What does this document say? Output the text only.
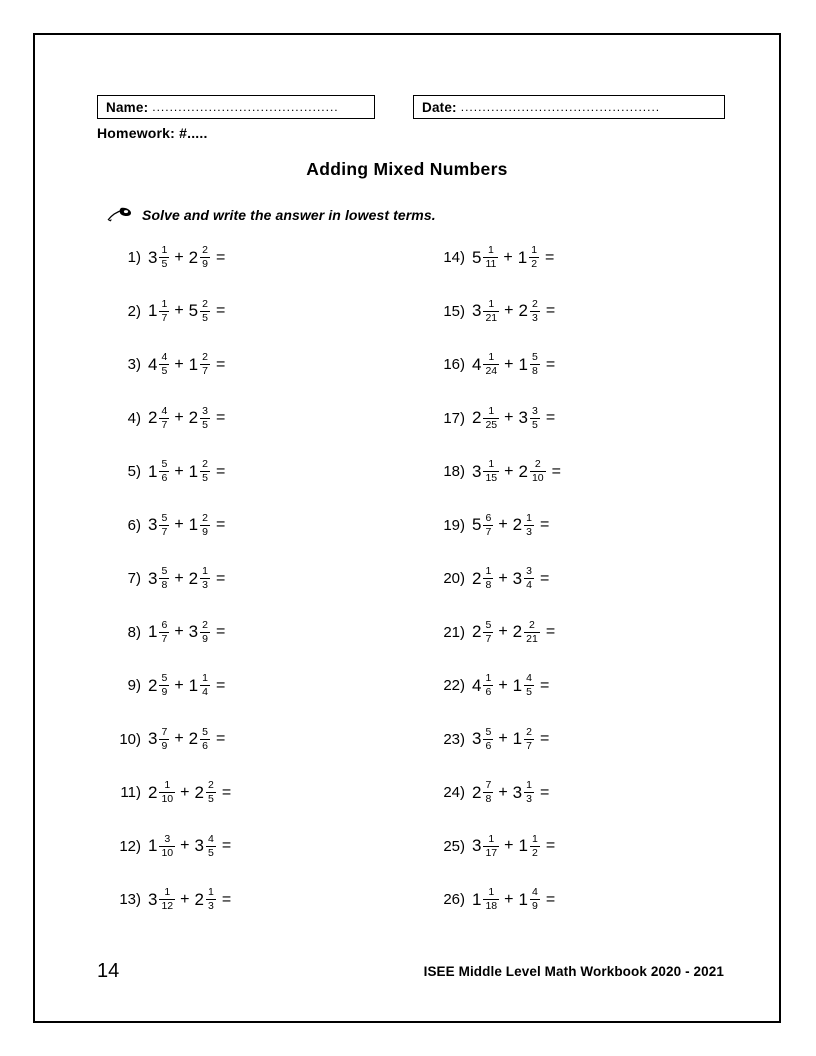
Name: ...........................................	Date: ..............................................
Homework: #.....
Adding Mixed Numbers
Solve and write the answer in lowest terms.
1) $3 \frac{1}{5} + 2 \frac{2}{9}$ =
2) $1 \frac{1}{7} + 5 \frac{2}{5}$ =
3) $4 \frac{4}{5} + 1 \frac{2}{7}$ =
4) $2 \frac{4}{7} + 2 \frac{3}{5}$ =
5) $1 \frac{5}{6} + 1 \frac{2}{5}$ =
6) $3 \frac{5}{7} + 1 \frac{2}{9}$ =
7) $3 \frac{5}{8} + 2 \frac{1}{3}$ =
8) $1 \frac{6}{7} + 3 \frac{2}{9}$ =
9) $2 \frac{5}{9} + 1 \frac{1}{4}$ =
10) $3 \frac{7}{9} + 2 \frac{5}{6}$ =
11) $2 \frac{1}{10} + 2 \frac{2}{5}$ =
12) $1 \frac{3}{10} + 3 \frac{4}{5}$ =
13) $3 \frac{1}{12} + 2 \frac{1}{3}$ =
14) $5 \frac{1}{11} + 1 \frac{1}{2}$ =
15) $3 \frac{1}{21} + 2 \frac{2}{3}$ =
16) $4 \frac{1}{24} + 1 \frac{5}{8}$ =
17) $2 \frac{1}{25} + 3 \frac{3}{5}$ =
18) $3 \frac{1}{15} + 2 \frac{2}{10}$ =
19) $5 \frac{6}{7} + 2 \frac{1}{3}$ =
20) $2 \frac{1}{8} + 3 \frac{3}{4}$ =
21) $2 \frac{5}{7} + 2 \frac{2}{21}$ =
22) $4 \frac{1}{6} + 1 \frac{4}{5}$ =
23) $3 \frac{5}{6} + 1 \frac{2}{7}$ =
24) $2 \frac{7}{8} + 3 \frac{1}{3}$ =
25) $3 \frac{1}{17} + 1 \frac{1}{2}$ =
26) $1 \frac{1}{18} + 1 \frac{4}{9}$ =
14	ISEE Middle Level Math Workbook 2020 - 2021
